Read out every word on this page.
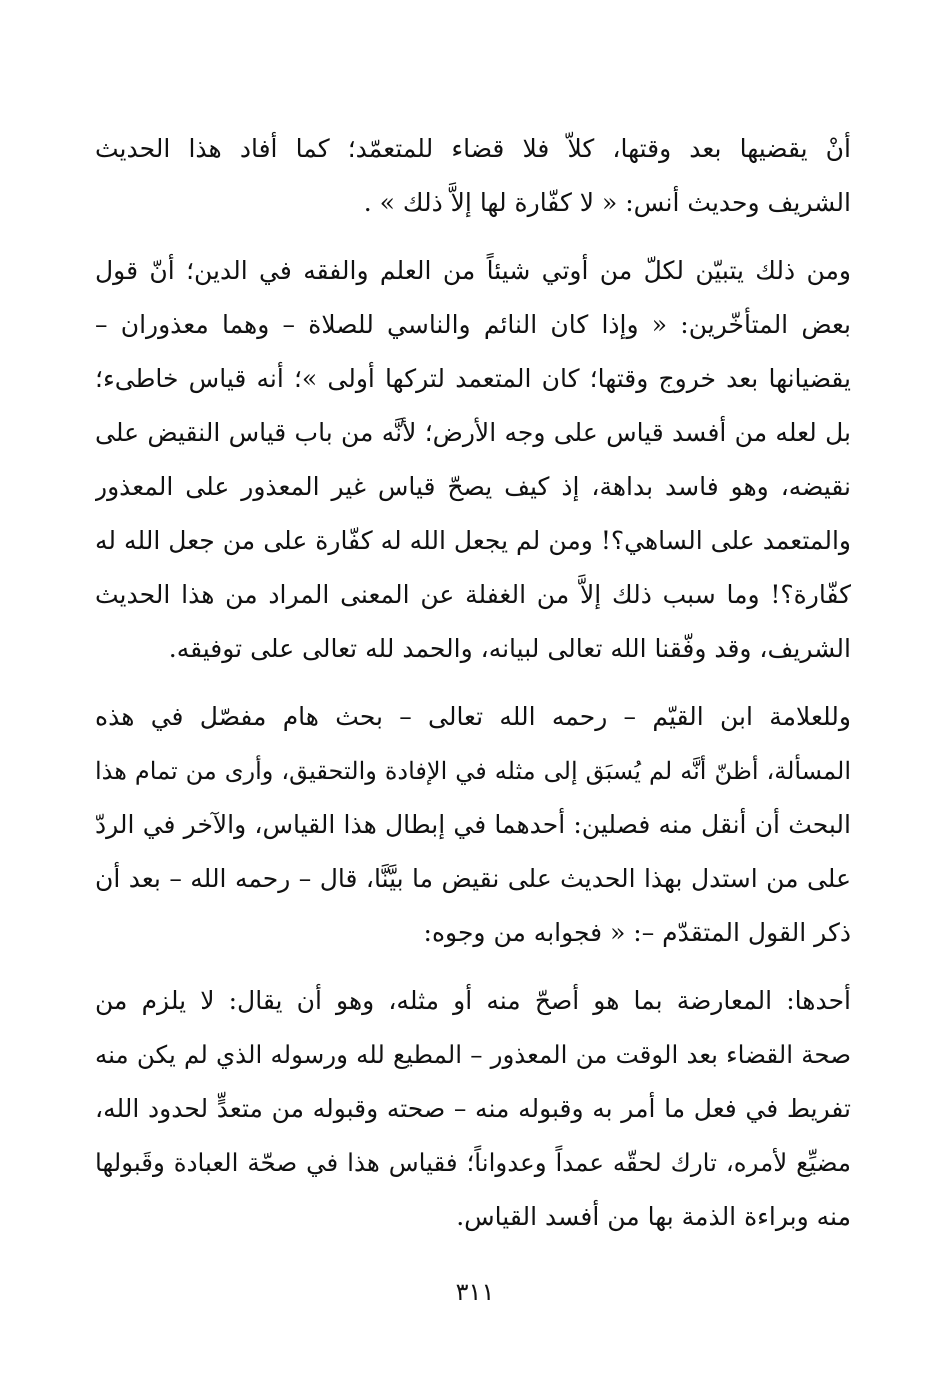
أنْ يقضيها بعد وقتها، كلاّ فلا قضاء للمتعمّد؛ كما أفاد هذا الحديث
الشريف وحديث أنس: « لا كفّارة لها إلاَّ ذلك » .
ومن ذلك يتبيّن لكلّ من أوتي شيئاً من العلم والفقه في الدين؛ أنّ قول
بعض المتأخّرين: « وإذا كان النائم والناسي للصلاة – وهما معذوران –
يقضيانها بعد خروج وقتها؛ كان المتعمد لتركها أولى »؛ أنه قياس خاطىء؛
بل لعله من أفسد قياس على وجه الأرض؛ لأنَّه من باب قياس النقيض على
نقيضه، وهو فاسد بداهة، إذ كيف يصحّ قياس غير المعذور على المعذور
والمتعمد على الساهي؟! ومن لم يجعل الله له كفّارة على من جعل الله له
كفّارة؟! وما سبب ذلك إلاَّ من الغفلة عن المعنى المراد من هذا الحديث
الشريف، وقد وفّقنا الله تعالى لبيانه، والحمد لله تعالى على توفيقه.
وللعلامة ابن القيّم – رحمه الله تعالى – بحث هام مفصّل في هذه
المسألة، أظنّ أنَّه لم يُسبَق إلى مثله في الإفادة والتحقيق، وأرى من تمام هذا
البحث أن أنقل منه فصلين: أحدهما في إبطال هذا القياس، والآخر في الردّ
على من استدل بهذا الحديث على نقيض ما بيَّنَّا، قال – رحمه الله – بعد أن
ذكر القول المتقدّم –: « فجوابه من وجوه:
أحدها: المعارضة بما هو أصحّ منه أو مثله، وهو أن يقال: لا يلزم من
صحة القضاء بعد الوقت من المعذور – المطيع لله ورسوله الذي لم يكن منه
تفريط في فعل ما أمر به وقبوله منه – صحته وقبوله من متعدٍّ لحدود الله،
مضيِّع لأمره، تارك لحقّه عمداً وعدواناً؛ فقياس هذا في صحّة العبادة وقَبولها
منه وبراءة الذمة بها من أفسد القياس.
٣١١
